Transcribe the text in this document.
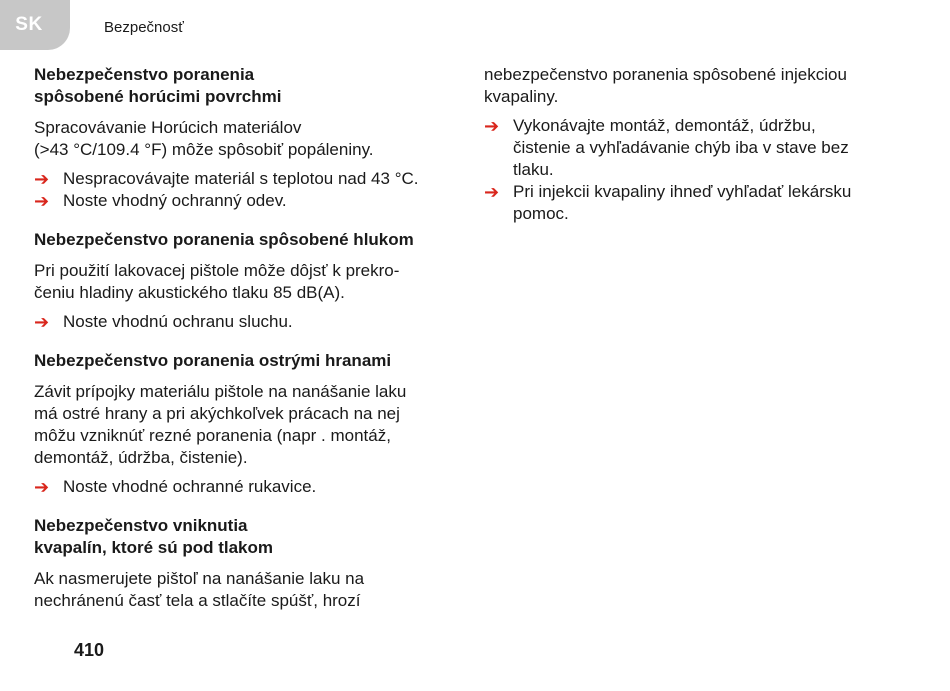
SK	Bezpečnosť
Nebezpečenstvo poranenia
spôsobené horúcimi povrchmi
Spracovávanie Horúcich materiálov
(>43 °C/109.4 °F) môže spôsobiť popáleniny.
➔ Nespracovávajte materiál s teplotou nad 43 °C.
➔ Noste vhodný ochranný odev.
Nebezpečenstvo poranenia spôsobené hlukom
Pri použití lakovacej pištole môže dôjsť k prekro-
čeniu hladiny akustického tlaku 85 dB(A).
➔ Noste vhodnú ochranu sluchu.
Nebezpečenstvo poranenia ostrými hranami
Závit prípojky materiálu pištole na nanášanie laku
má ostré hrany a pri akýchkoľvek prácach na nej
môžu vzniknúť rezné poranenia (napr . montáž,
demontáž, údržba, čistenie).
➔ Noste vhodné ochranné rukavice.
Nebezpečenstvo vniknutia
kvapalín, ktoré sú pod tlakom
Ak nasmerujete pištoľ na nanášanie laku na
nechránenú časť tela a stlačíte spúšť, hrozí
nebezpečenstvo poranenia spôsobené injekciou
kvapaliny.
➔ Vykonávajte montáž, demontáž, údržbu,
čistenie a vyhľadávanie chýb iba v stave bez
tlaku.
➔ Pri injekcii kvapaliny ihneď vyhľadať lekársku
pomoc.
410
